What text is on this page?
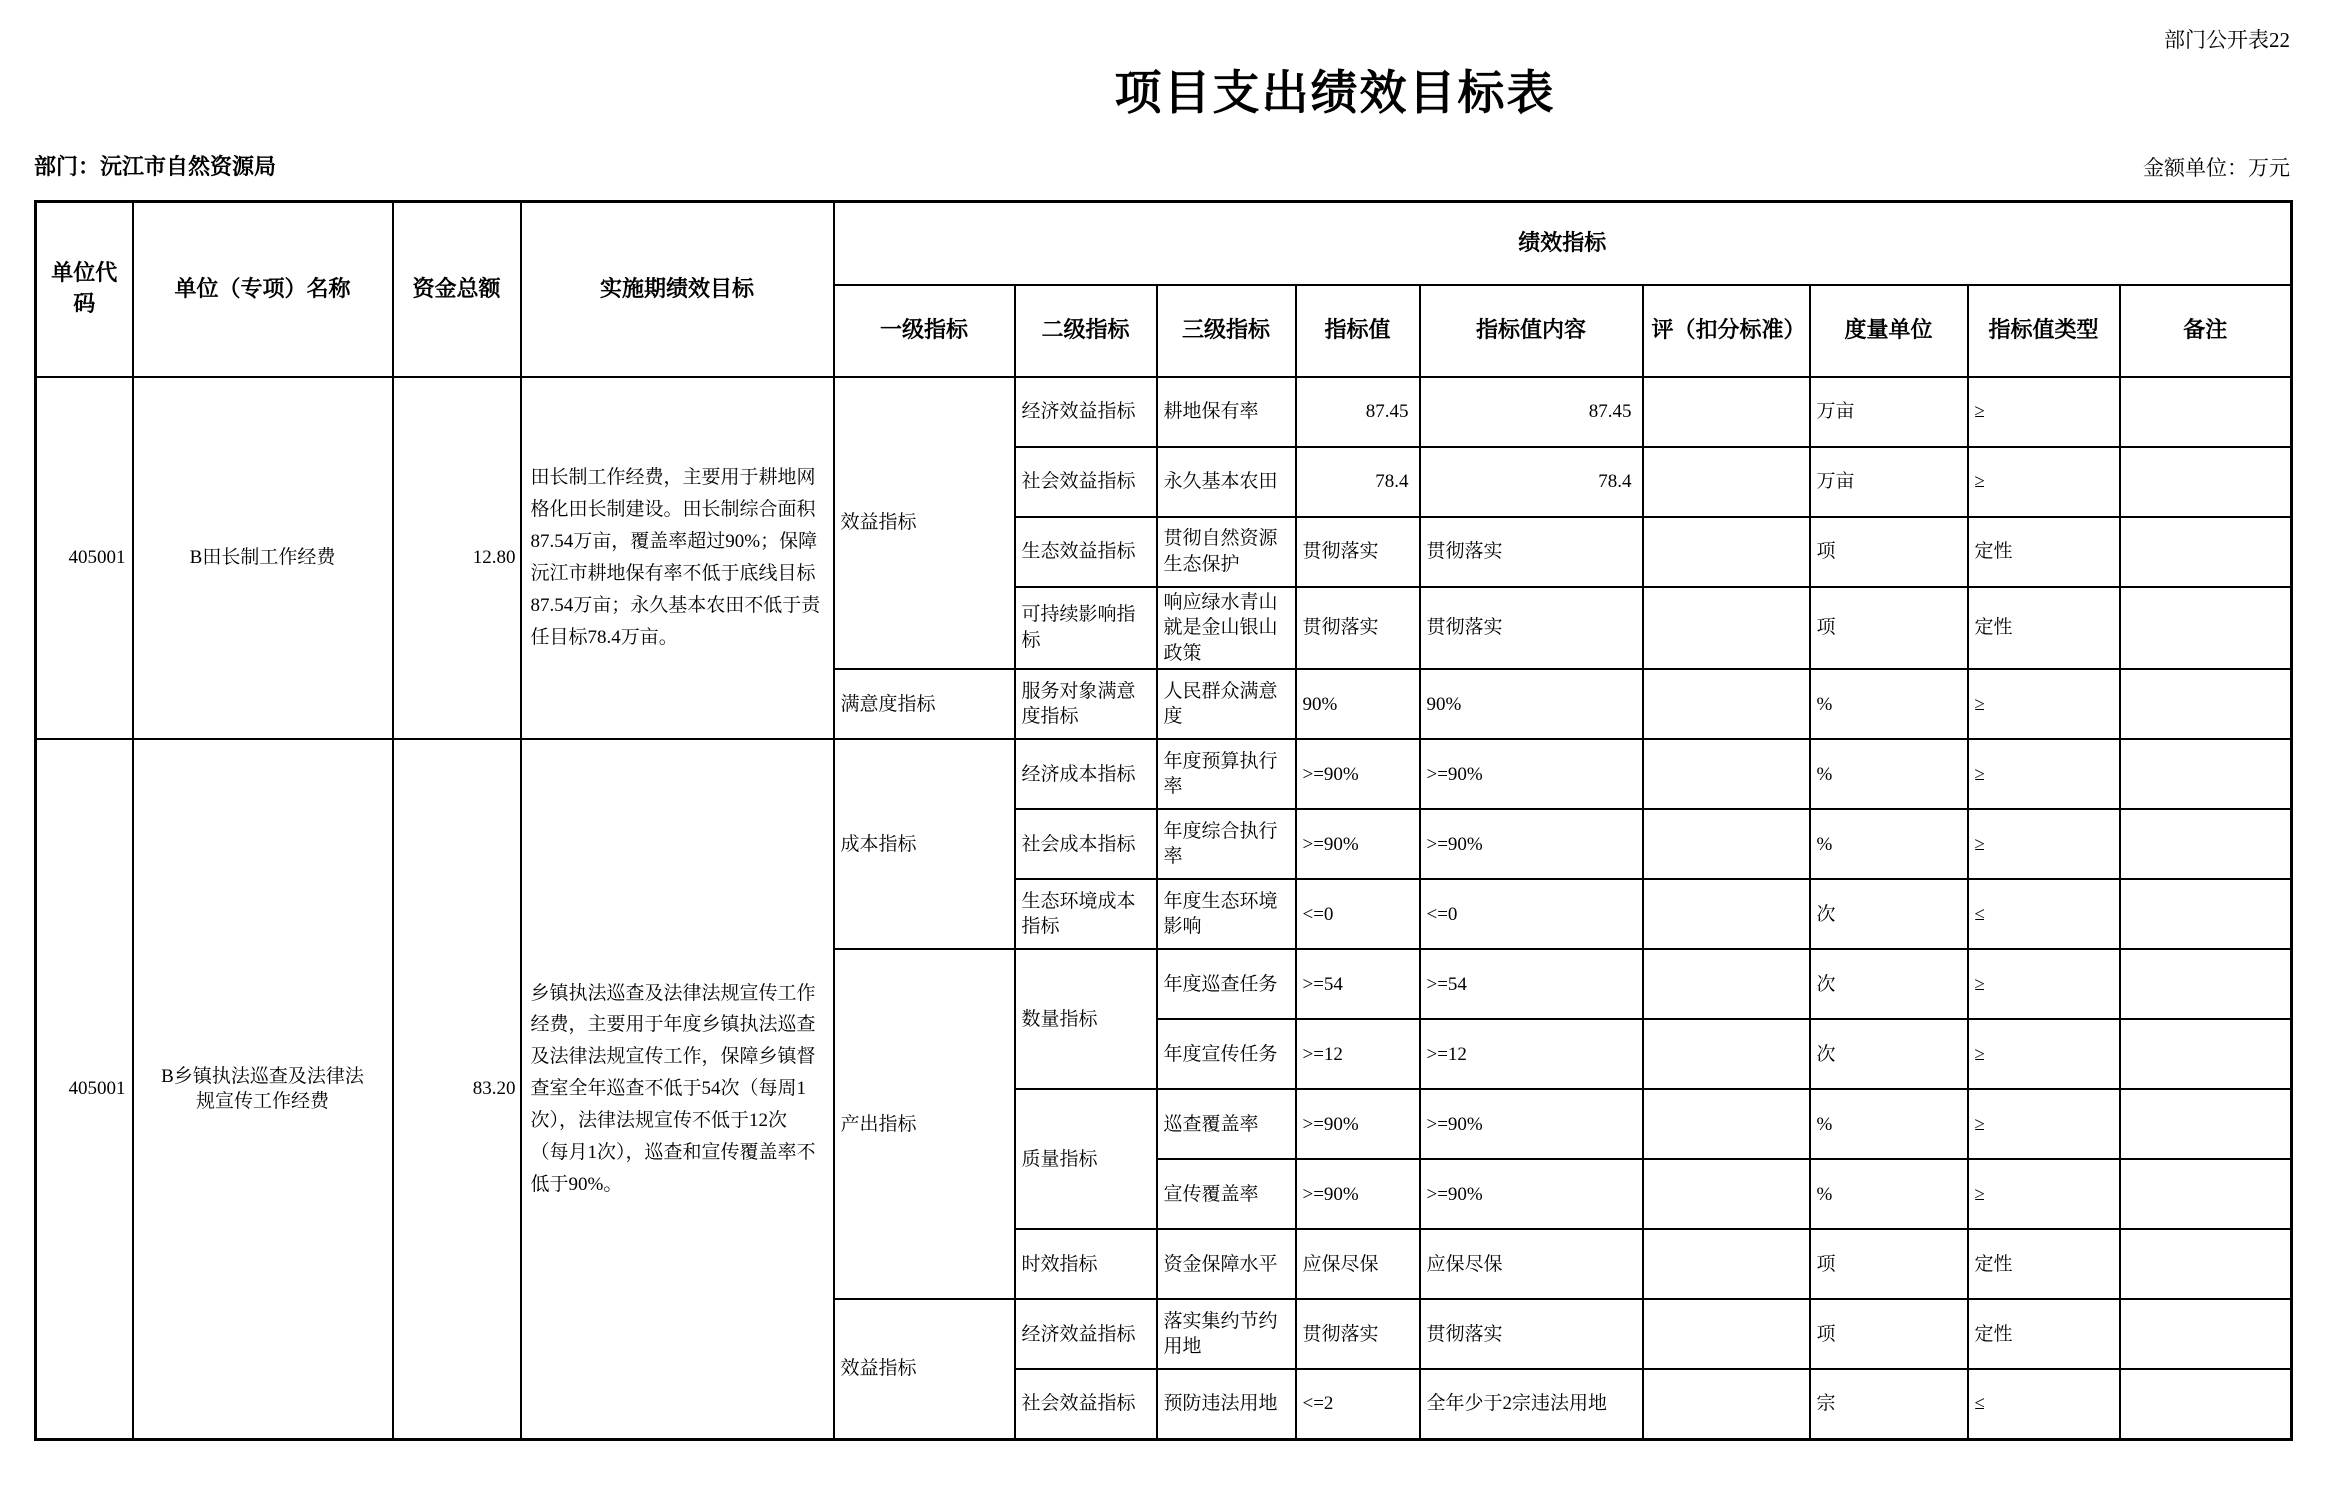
部门公开表22
项目支出绩效目标表
部门：沅江市自然资源局	金额单位：万元
单位代码	单位（专项）名称	资金总额	实施期绩效目标	绩效指标								
				一级指标	二级指标	三级指标	指标值	指标值内容	评（扣分标准）	度量单位	指标值类型	备注
405001	B田长制工作经费	12.80	田长制工作经费，主要用于耕地网格化田长制建设。田长制综合面积87.54万亩，覆盖率超过90%；保障沅江市耕地保有率不低于底线目标87.54万亩；永久基本农田不低于责任目标78.4万亩。	效益指标	经济效益指标	耕地保有率	87.45	87.45		万亩	≥	
					社会效益指标	永久基本农田	78.4	78.4		万亩	≥	
					生态效益指标	贯彻自然资源生态保护	贯彻落实	贯彻落实		项	定性	
					可持续影响指标	响应绿水青山就是金山银山政策	贯彻落实	贯彻落实		项	定性	
				满意度指标	服务对象满意度指标	人民群众满意度	90%	90%		%	≥	
405001	B乡镇执法巡查及法律法规宣传工作经费	83.20	乡镇执法巡查及法律法规宣传工作经费，主要用于年度乡镇执法巡查及法律法规宣传工作，保障乡镇督查室全年巡查不低于54次（每周1次），法律法规宣传不低于12次（每月1次），巡查和宣传覆盖率不低于90%。	成本指标	经济成本指标	年度预算执行率	>=90%	>=90%		%	≥	
					社会成本指标	年度综合执行率	>=90%	>=90%		%	≥	
					生态环境成本指标	年度生态环境影响	<=0	<=0		次	≤	
				产出指标	数量指标	年度巡查任务	>=54	>=54		次	≥	
						年度宣传任务	>=12	>=12		次	≥	
					质量指标	巡查覆盖率	>=90%	>=90%		%	≥	
						宣传覆盖率	>=90%	>=90%		%	≥	
					时效指标	资金保障水平	应保尽保	应保尽保		项	定性	
				效益指标	经济效益指标	落实集约节约用地	贯彻落实	贯彻落实		项	定性	
					社会效益指标	预防违法用地	<=2	全年少于2宗违法用地		宗	≤	
